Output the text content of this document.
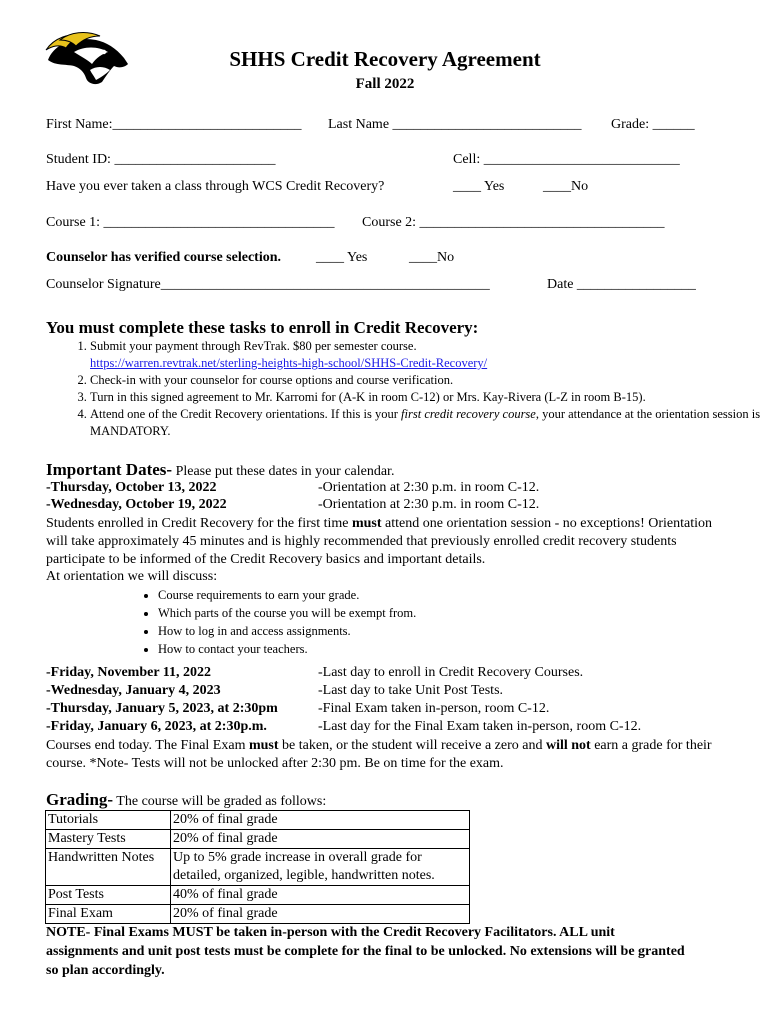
SHHS Credit Recovery Agreement
Fall 2022
First Name:___________________________ Last Name ___________________________ Grade: ______
Student ID: _______________________	Cell: ____________________________
Have you ever taken a class through WCS Credit Recovery?	____ Yes	____No
Course 1: _________________________________ Course 2: ___________________________________
Counselor has verified course selection.	____ Yes	____No
Counselor Signature_______________________________________________	Date _________________
You must complete these tasks to enroll in Credit Recovery:
1. Submit your payment through RevTrak. $80 per semester course.
https://warren.revtrak.net/sterling-heights-high-school/SHHS-Credit-Recovery/
2. Check-in with your counselor for course options and course verification.
3. Turn in this signed agreement to Mr. Karromi for (A-K in room C-12) or Mrs. Kay-Rivera (L-Z in room B-15).
4. Attend one of the Credit Recovery orientations. If this is your first credit recovery course, your attendance at the orientation session is MANDATORY.
Important Dates- Please put these dates in your calendar.
-Thursday, October 13, 2022	-Orientation at 2:30 p.m. in room C-12.
-Wednesday, October 19, 2022	-Orientation at 2:30 p.m. in room C-12.
Students enrolled in Credit Recovery for the first time must attend one orientation session - no exceptions! Orientation will take approximately 45 minutes and is highly recommended that previously enrolled credit recovery students participate to be informed of the Credit Recovery basics and important details.
At orientation we will discuss:
• Course requirements to earn your grade.
• Which parts of the course you will be exempt from.
• How to log in and access assignments.
• How to contact your teachers.
-Friday, November 11, 2022	-Last day to enroll in Credit Recovery Courses.
-Wednesday, January 4, 2023	-Last day to take Unit Post Tests.
-Thursday, January 5, 2023, at 2:30pm	-Final Exam taken in-person, room C-12.
-Friday, January 6, 2023, at 2:30p.m.	-Last day for the Final Exam taken in-person, room C-12.
Courses end today. The Final Exam must be taken, or the student will receive a zero and will not earn a grade for their course. *Note- Tests will not be unlocked after 2:30 pm. Be on time for the exam.
Grading- The course will be graded as follows:
Tutorials	20% of final grade
Mastery Tests	20% of final grade
Handwritten Notes	Up to 5% grade increase in overall grade for detailed, organized, legible, handwritten notes.
Post Tests	40% of final grade
Final Exam	20% of final grade
NOTE- Final Exams MUST be taken in-person with the Credit Recovery Facilitators. ALL unit assignments and unit post tests must be complete for the final to be unlocked. No extensions will be granted so plan accordingly.
